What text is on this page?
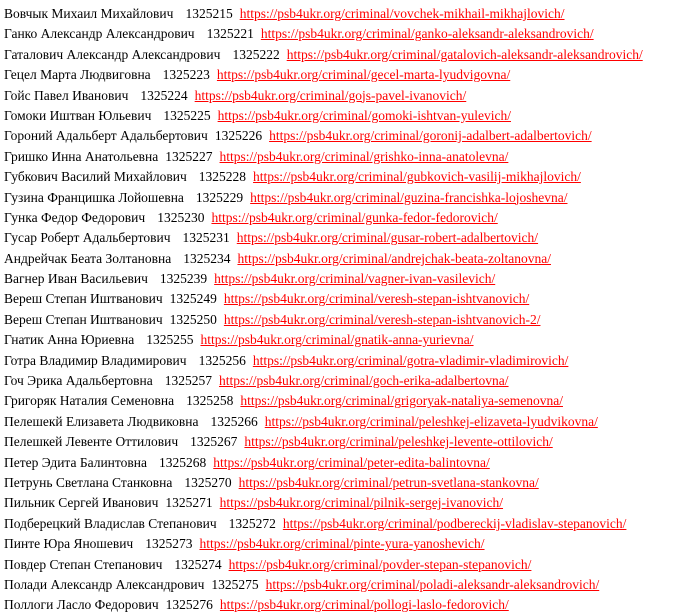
Вовчык Михаил Михайлович 1325215 https://psb4ukr.org/criminal/vovchek-mikhail-mikhajlovich/
Ганко Александр Александрович 1325221 https://psb4ukr.org/criminal/ganko-aleksandr-aleksandrovich/
Гаталович Александр Александрович 1325222 https://psb4ukr.org/criminal/gatalovich-aleksandr-aleksandrovich/
Гецел Марта Людвиговна 1325223 https://psb4ukr.org/criminal/gecel-marta-lyudvigovna/
Гойс Павел Иванович 1325224 https://psb4ukr.org/criminal/gojs-pavel-ivanovich/
Гомоки Иштван Юльевич 1325225 https://psb4ukr.org/criminal/gomoki-ishtvan-yulevich/
Гороний Адальберт Адальбертович 1325226 https://psb4ukr.org/criminal/goronij-adalbert-adalbertovich/
Гришко Инна Анатольевна 1325227 https://psb4ukr.org/criminal/grishko-inna-anatolevna/
Губкович Василий Михайлович 1325228 https://psb4ukr.org/criminal/gubkovich-vasilij-mikhajlovich/
Гузина Францишка Лойошевна 1325229 https://psb4ukr.org/criminal/guzina-francishka-lojoshevna/
Гунка Федор Федорович 1325230 https://psb4ukr.org/criminal/gunka-fedor-fedorovich/
Гусар Роберт Адальбертович 1325231 https://psb4ukr.org/criminal/gusar-robert-adalbertovich/
Андрейчак Беата Золтановна 1325234 https://psb4ukr.org/criminal/andrejchak-beata-zoltanovna/
Вагнер Иван Васильевич 1325239 https://psb4ukr.org/criminal/vagner-ivan-vasilevich/
Вереш Степан Иштванович 1325249 https://psb4ukr.org/criminal/veresh-stepan-ishtvanovich/
Вереш Степан Иштванович 1325250 https://psb4ukr.org/criminal/veresh-stepan-ishtvanovich-2/
Гнатик Анна Юриевна 1325255 https://psb4ukr.org/criminal/gnatik-anna-yurievna/
Готра Владимир Владимирович 1325256 https://psb4ukr.org/criminal/gotra-vladimir-vladimirovich/
Гоч Эрика Адальбертовна 1325257 https://psb4ukr.org/criminal/goch-erika-adalbertovna/
Григоряк Наталия Семеновна 1325258 https://psb4ukr.org/criminal/grigoryak-nataliya-semenovna/
Пелешекй Елизавета Людвиковна 1325266 https://psb4ukr.org/criminal/peleshkej-elizaveta-lyudvikovna/
Пелешкей Левенте Оттилович 1325267 https://psb4ukr.org/criminal/peleshkej-levente-ottilovich/
Петер Эдита Балинтовна 1325268 https://psb4ukr.org/criminal/peter-edita-balintovna/
Петрунь Светлана Станковна 1325270 https://psb4ukr.org/criminal/petrun-svetlana-stankovna/
Пильник Сергей Иванович 1325271 https://psb4ukr.org/criminal/pilnik-sergej-ivanovich/
Подберецкий Владислав Степанович 1325272 https://psb4ukr.org/criminal/podbereckij-vladislav-stepanovich/
Пинте Юра Яношевич 1325273 https://psb4ukr.org/criminal/pinte-yura-yanoshevich/
Повдер Степан Степанович 1325274 https://psb4ukr.org/criminal/povder-stepan-stepanovich/
Полади Александр Александрович 1325275 https://psb4ukr.org/criminal/poladi-aleksandr-aleksandrovich/
Поллоги Ласло Федорович 1325276 https://psb4ukr.org/criminal/pollogi-laslo-fedorovich/
